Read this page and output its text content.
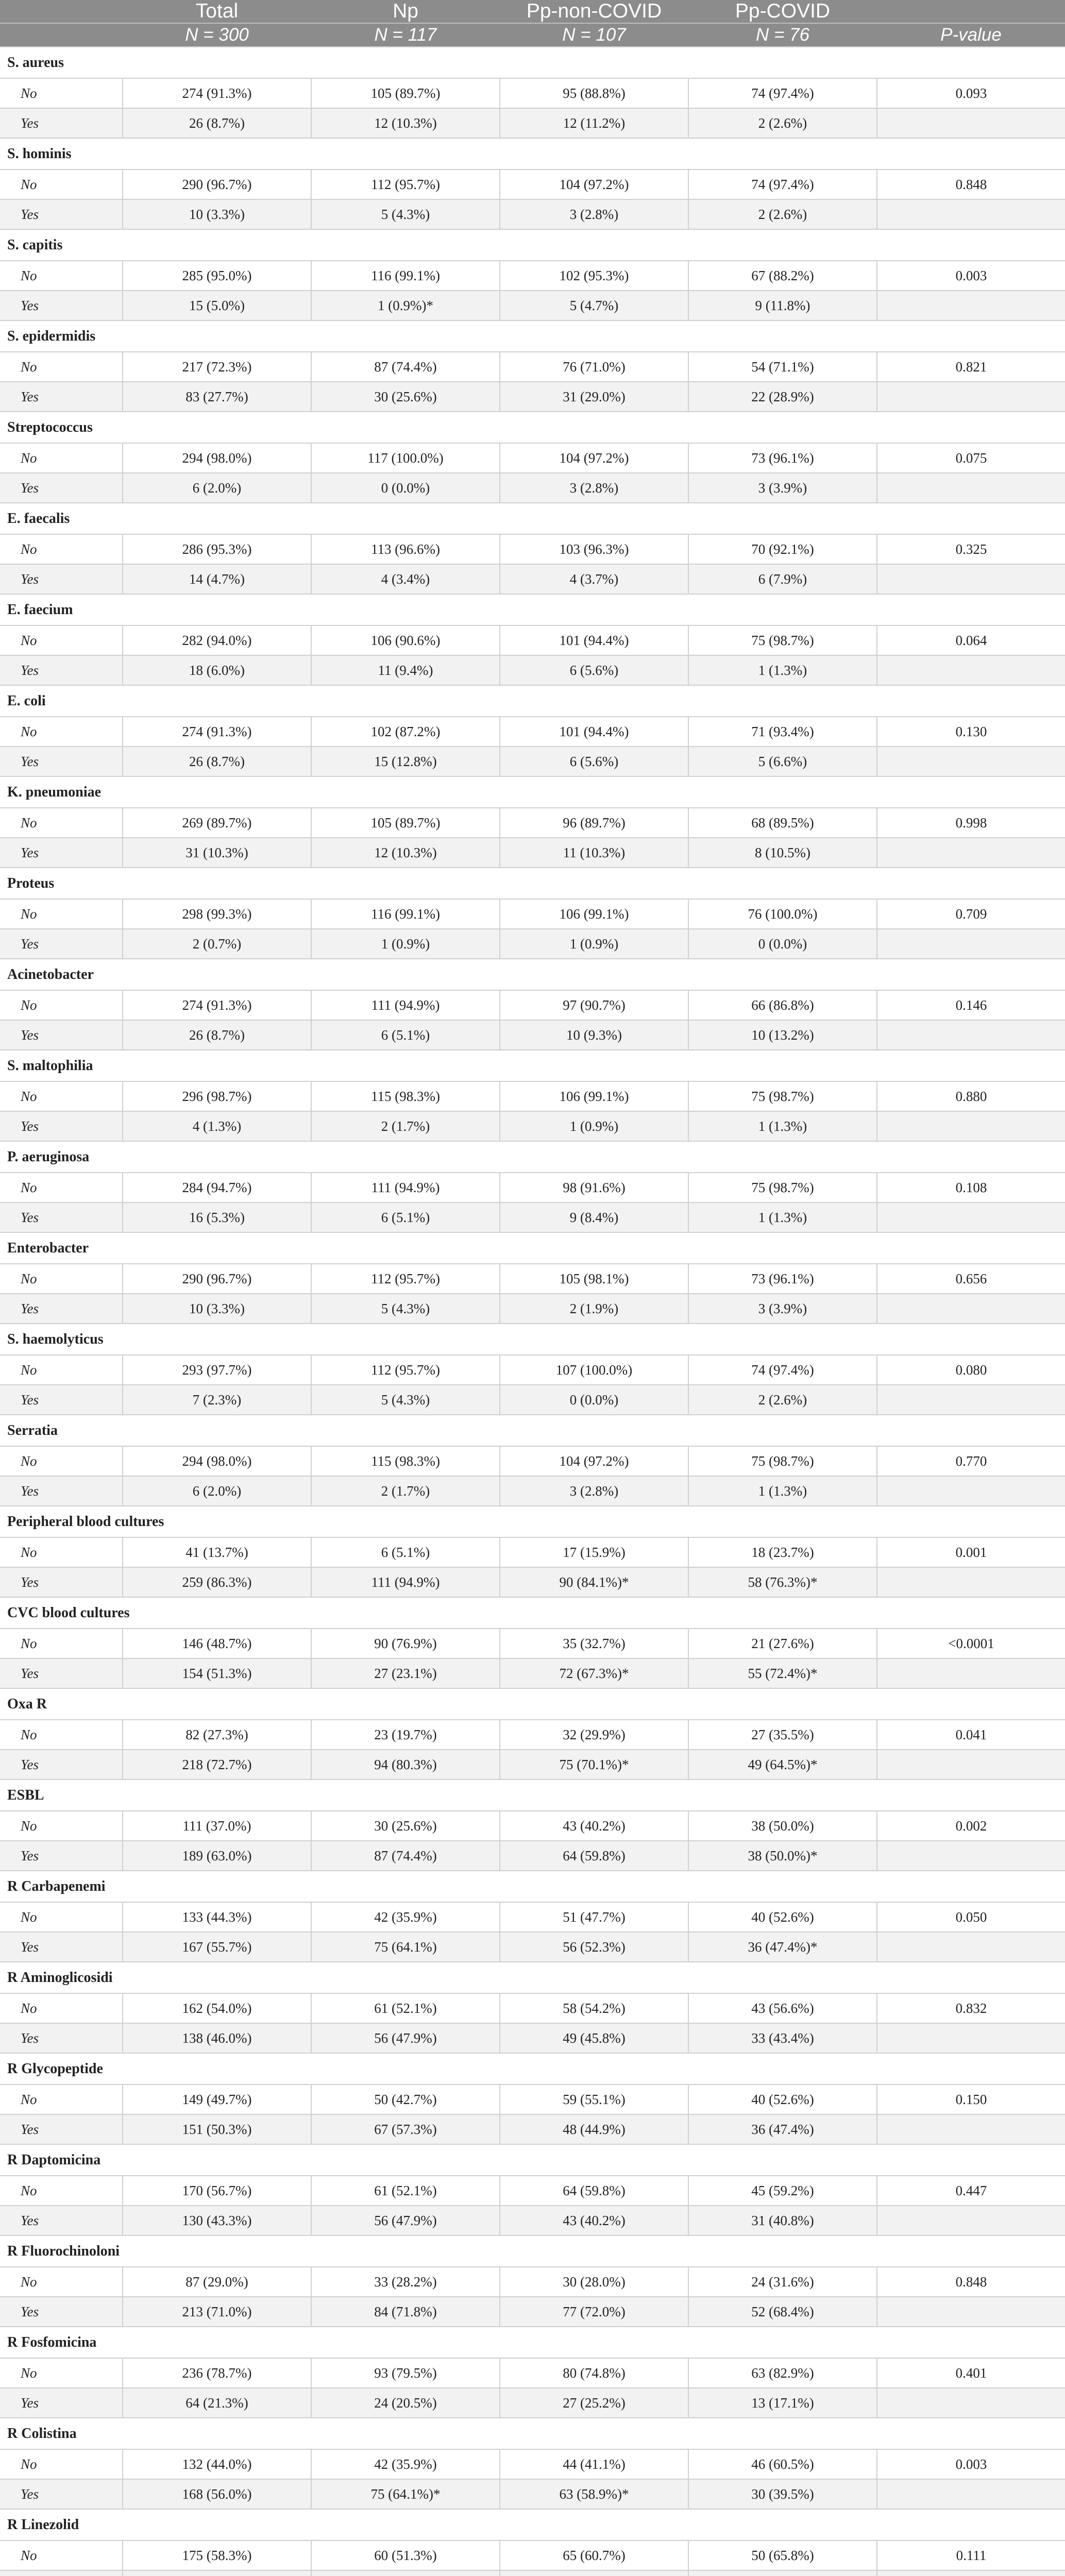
	Total	Np	Pp-non-COVID	Pp-COVID	
	N = 300	N = 117	N = 107	N = 76	P-value
S. aureus					
No	274 (91.3%)	105 (89.7%)	95 (88.8%)	74 (97.4%)	0.093
Yes	26 (8.7%)	12 (10.3%)	12 (11.2%)	2 (2.6%)	
S. hominis					
No	290 (96.7%)	112 (95.7%)	104 (97.2%)	74 (97.4%)	0.848
Yes	10 (3.3%)	5 (4.3%)	3 (2.8%)	2 (2.6%)	
S. capitis					
No	285 (95.0%)	116 (99.1%)	102 (95.3%)	67 (88.2%)	0.003
Yes	15 (5.0%)	1 (0.9%)*	5 (4.7%)	9 (11.8%)	
S. epidermidis					
No	217 (72.3%)	87 (74.4%)	76 (71.0%)	54 (71.1%)	0.821
Yes	83 (27.7%)	30 (25.6%)	31 (29.0%)	22 (28.9%)	
Streptococcus					
No	294 (98.0%)	117 (100.0%)	104 (97.2%)	73 (96.1%)	0.075
Yes	6 (2.0%)	0 (0.0%)	3 (2.8%)	3 (3.9%)	
E. faecalis					
No	286 (95.3%)	113 (96.6%)	103 (96.3%)	70 (92.1%)	0.325
Yes	14 (4.7%)	4 (3.4%)	4 (3.7%)	6 (7.9%)	
E. faecium					
No	282 (94.0%)	106 (90.6%)	101 (94.4%)	75 (98.7%)	0.064
Yes	18 (6.0%)	11 (9.4%)	6 (5.6%)	1 (1.3%)	
E. coli					
No	274 (91.3%)	102 (87.2%)	101 (94.4%)	71 (93.4%)	0.130
Yes	26 (8.7%)	15 (12.8%)	6 (5.6%)	5 (6.6%)	
K. pneumoniae					
No	269 (89.7%)	105 (89.7%)	96 (89.7%)	68 (89.5%)	0.998
Yes	31 (10.3%)	12 (10.3%)	11 (10.3%)	8 (10.5%)	
Proteus					
No	298 (99.3%)	116 (99.1%)	106 (99.1%)	76 (100.0%)	0.709
Yes	2 (0.7%)	1 (0.9%)	1 (0.9%)	0 (0.0%)	
Acinetobacter					
No	274 (91.3%)	111 (94.9%)	97 (90.7%)	66 (86.8%)	0.146
Yes	26 (8.7%)	6 (5.1%)	10 (9.3%)	10 (13.2%)	
S. maltophilia					
No	296 (98.7%)	115 (98.3%)	106 (99.1%)	75 (98.7%)	0.880
Yes	4 (1.3%)	2 (1.7%)	1 (0.9%)	1 (1.3%)	
P. aeruginosa					
No	284 (94.7%)	111 (94.9%)	98 (91.6%)	75 (98.7%)	0.108
Yes	16 (5.3%)	6 (5.1%)	9 (8.4%)	1 (1.3%)	
Enterobacter					
No	290 (96.7%)	112 (95.7%)	105 (98.1%)	73 (96.1%)	0.656
Yes	10 (3.3%)	5 (4.3%)	2 (1.9%)	3 (3.9%)	
S. haemolyticus					
No	293 (97.7%)	112 (95.7%)	107 (100.0%)	74 (97.4%)	0.080
Yes	7 (2.3%)	5 (4.3%)	0 (0.0%)	2 (2.6%)	
Serratia					
No	294 (98.0%)	115 (98.3%)	104 (97.2%)	75 (98.7%)	0.770
Yes	6 (2.0%)	2 (1.7%)	3 (2.8%)	1 (1.3%)	
Peripheral blood cultures					
No	41 (13.7%)	6 (5.1%)	17 (15.9%)	18 (23.7%)	0.001
Yes	259 (86.3%)	111 (94.9%)	90 (84.1%)*	58 (76.3%)*	
CVC blood cultures					
No	146 (48.7%)	90 (76.9%)	35 (32.7%)	21 (27.6%)	<0.0001
Yes	154 (51.3%)	27 (23.1%)	72 (67.3%)*	55 (72.4%)*	
Oxa R					
No	82 (27.3%)	23 (19.7%)	32 (29.9%)	27 (35.5%)	0.041
Yes	218 (72.7%)	94 (80.3%)	75 (70.1%)*	49 (64.5%)*	
ESBL					
No	111 (37.0%)	30 (25.6%)	43 (40.2%)	38 (50.0%)	0.002
Yes	189 (63.0%)	87 (74.4%)	64 (59.8%)	38 (50.0%)*	
R Carbapenemi					
No	133 (44.3%)	42 (35.9%)	51 (47.7%)	40 (52.6%)	0.050
Yes	167 (55.7%)	75 (64.1%)	56 (52.3%)	36 (47.4%)*	
R Aminoglicosidi					
No	162 (54.0%)	61 (52.1%)	58 (54.2%)	43 (56.6%)	0.832
Yes	138 (46.0%)	56 (47.9%)	49 (45.8%)	33 (43.4%)	
R Glycopeptide					
No	149 (49.7%)	50 (42.7%)	59 (55.1%)	40 (52.6%)	0.150
Yes	151 (50.3%)	67 (57.3%)	48 (44.9%)	36 (47.4%)	
R Daptomicina					
No	170 (56.7%)	61 (52.1%)	64 (59.8%)	45 (59.2%)	0.447
Yes	130 (43.3%)	56 (47.9%)	43 (40.2%)	31 (40.8%)	
R Fluorochinoloni					
No	87 (29.0%)	33 (28.2%)	30 (28.0%)	24 (31.6%)	0.848
Yes	213 (71.0%)	84 (71.8%)	77 (72.0%)	52 (68.4%)	
R Fosfomicina					
No	236 (78.7%)	93 (79.5%)	80 (74.8%)	63 (82.9%)	0.401
Yes	64 (21.3%)	24 (20.5%)	27 (25.2%)	13 (17.1%)	
R Colistina					
No	132 (44.0%)	42 (35.9%)	44 (41.1%)	46 (60.5%)	0.003
Yes	168 (56.0%)	75 (64.1%)*	63 (58.9%)*	30 (39.5%)	
R Linezolid					
No	175 (58.3%)	60 (51.3%)	65 (60.7%)	50 (65.8%)	0.111
